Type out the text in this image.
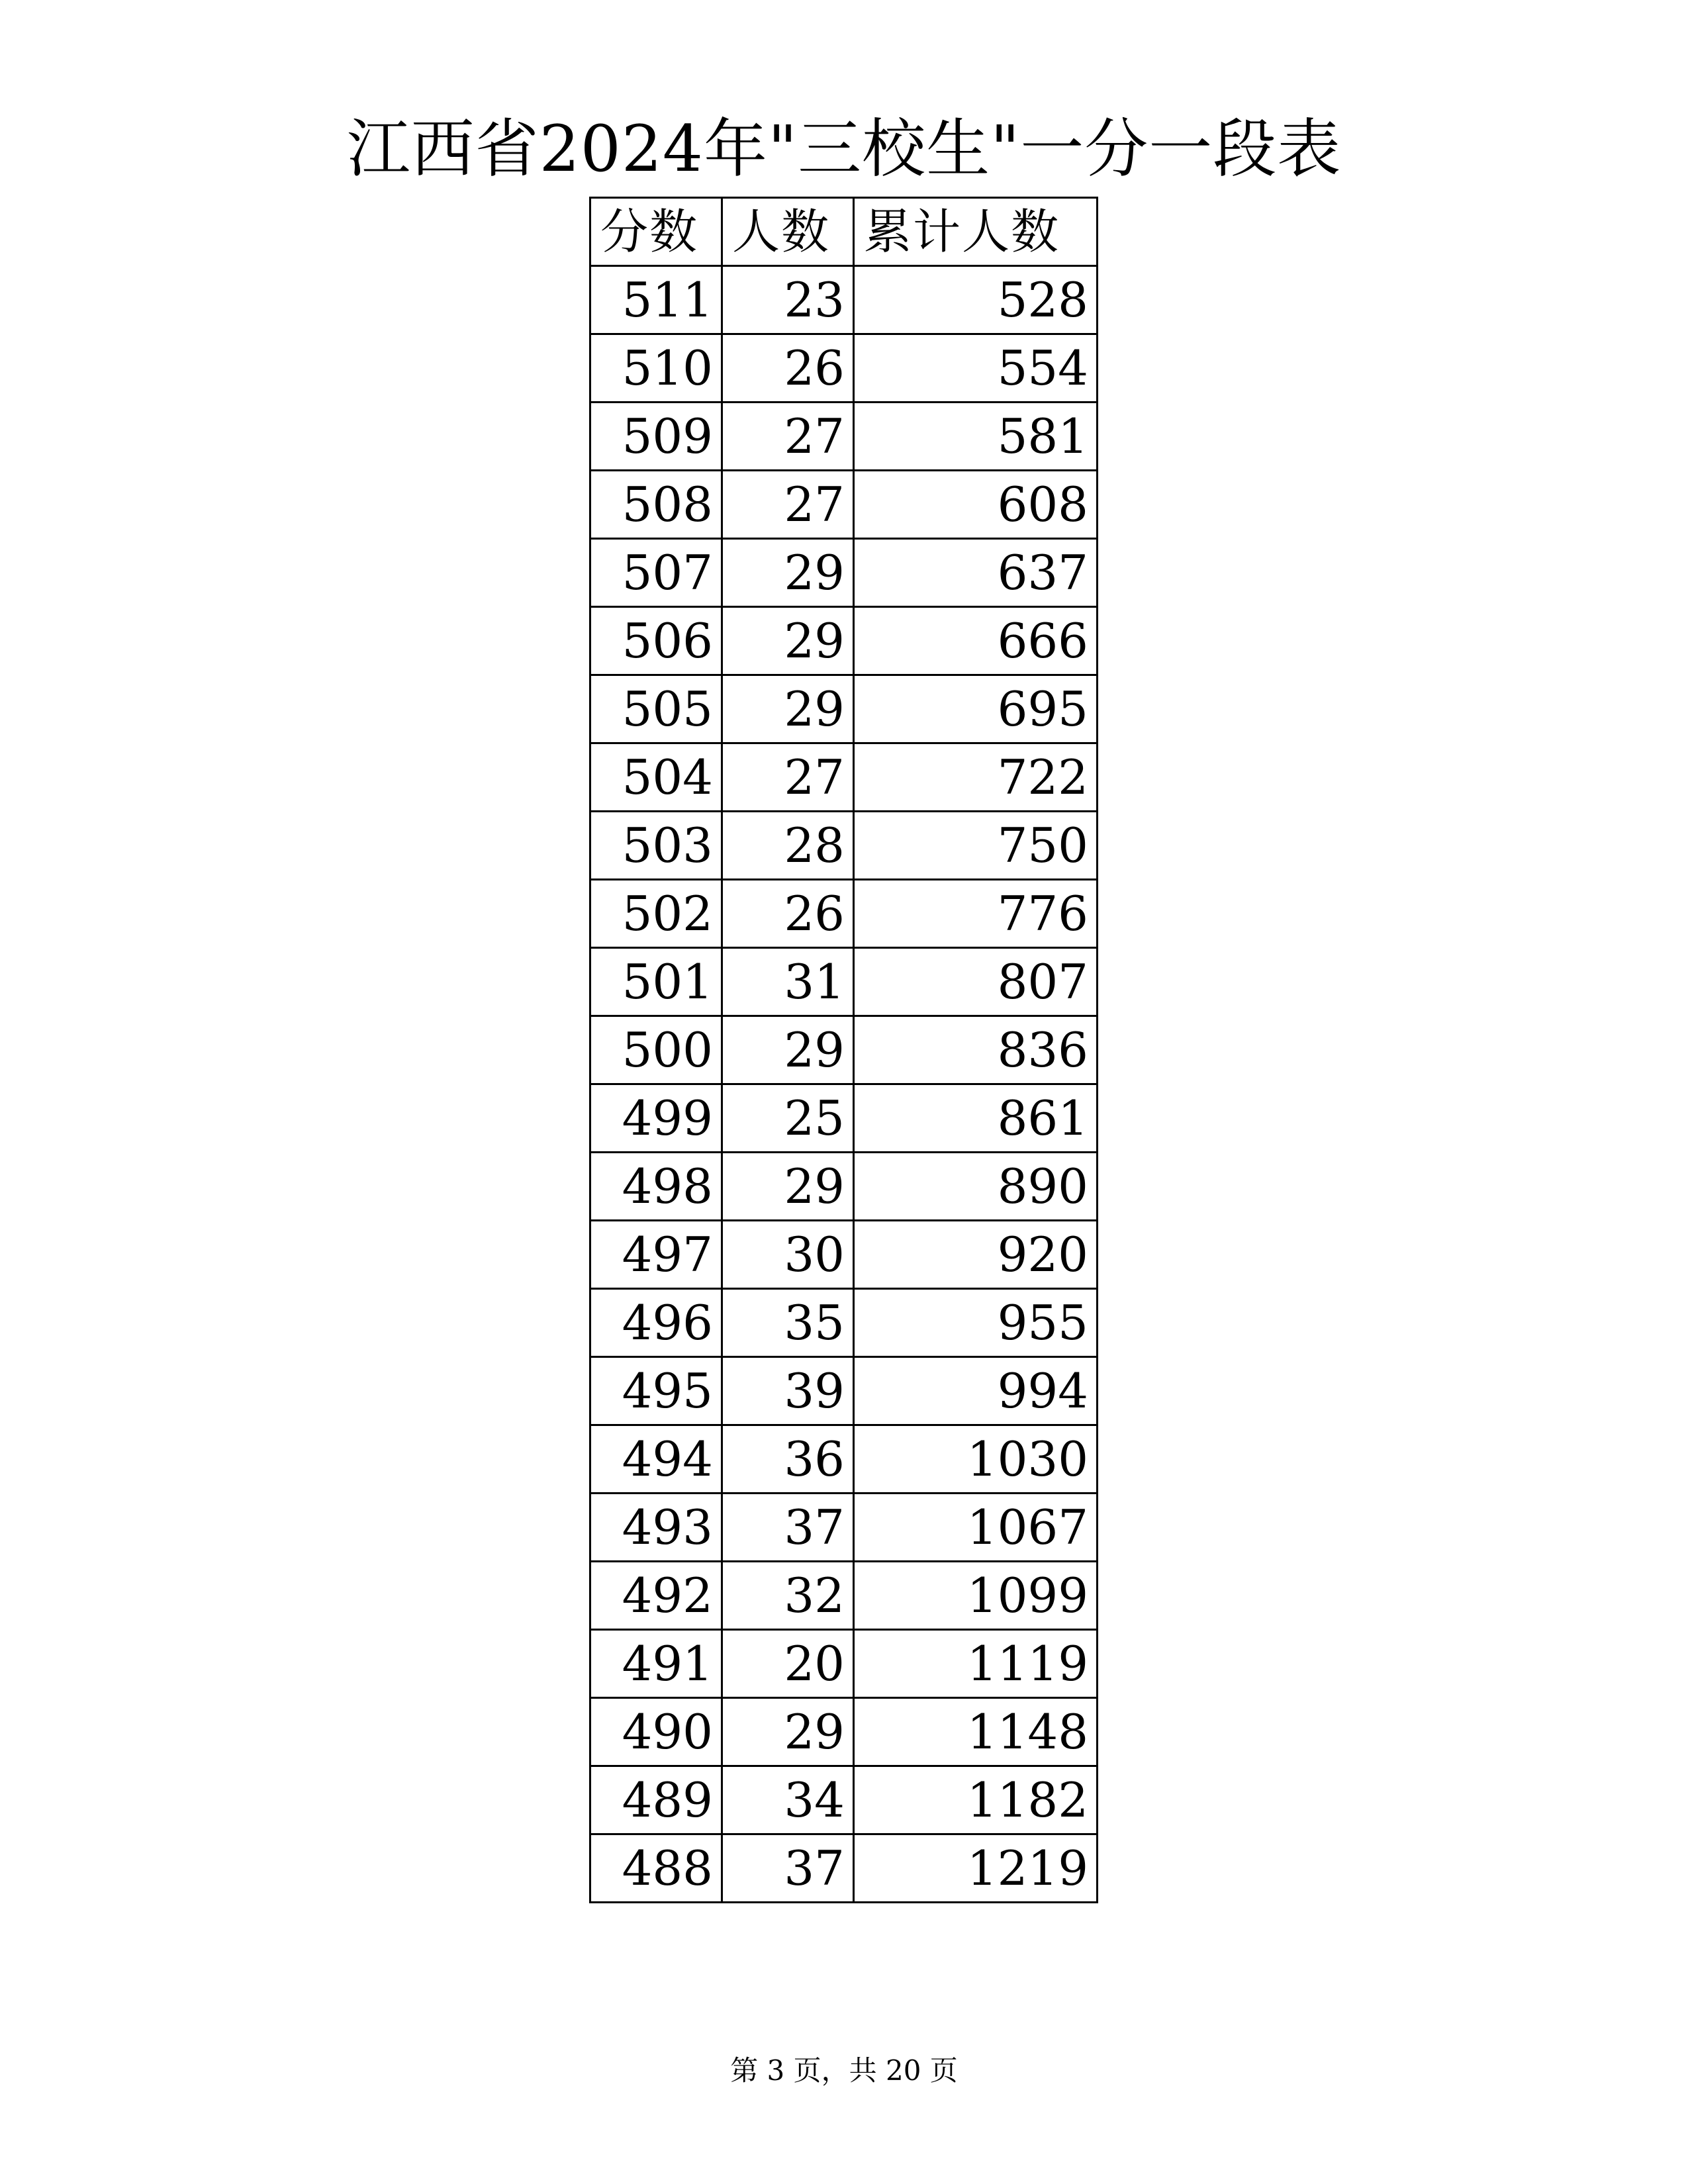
江西省2024年"三校生"一分一段表
分数	人数	累计人数
511	23	528
510	26	554
509	27	581
508	27	608
507	29	637
506	29	666
505	29	695
504	27	722
503	28	750
502	26	776
501	31	807
500	29	836
499	25	861
498	29	890
497	30	920
496	35	955
495	39	994
494	36	1030
493	37	1067
492	32	1099
491	20	1119
490	29	1148
489	34	1182
488	37	1219
第 3 页，共 20 页
